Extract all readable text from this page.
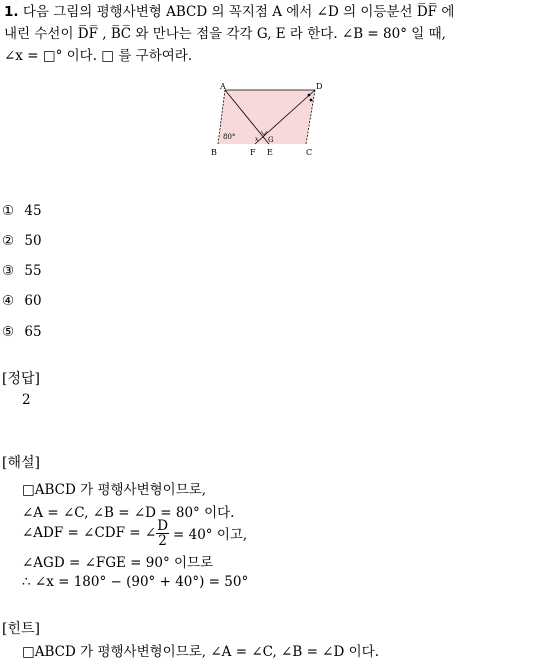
1. 다음 그림의 평행사변형 ABCD 의 꼭지점 A 에서 ∠D 의 이등분선 D̅F̅ 에
내린 수선이 D̅F̅ , B̅C̅ 와 만나는 점을 각각 G, E 라 한다. ∠B = 80° 일 때,
∠x = □° 이다. □ 를 구하여라.
A	D
B	F E	C
G
x
80°
① 45
② 50
③ 55
④ 60
⑤ 65
[정답]
2
[해설]
□ABCD 가 평행사변형이므로,
∠A = ∠C, ∠B = ∠D = 80° 이다.
∠ADF = ∠CDF = ∠ $\frac{D}{2} = 40^\circ$ 이고,
∠AGD = ∠FGE = 90° 이므로
∴ ∠x = 180° − (90° + 40°) = 50°
[힌트]
□ABCD 가 평행사변형이므로, ∠A = ∠C, ∠B = ∠D 이다.
